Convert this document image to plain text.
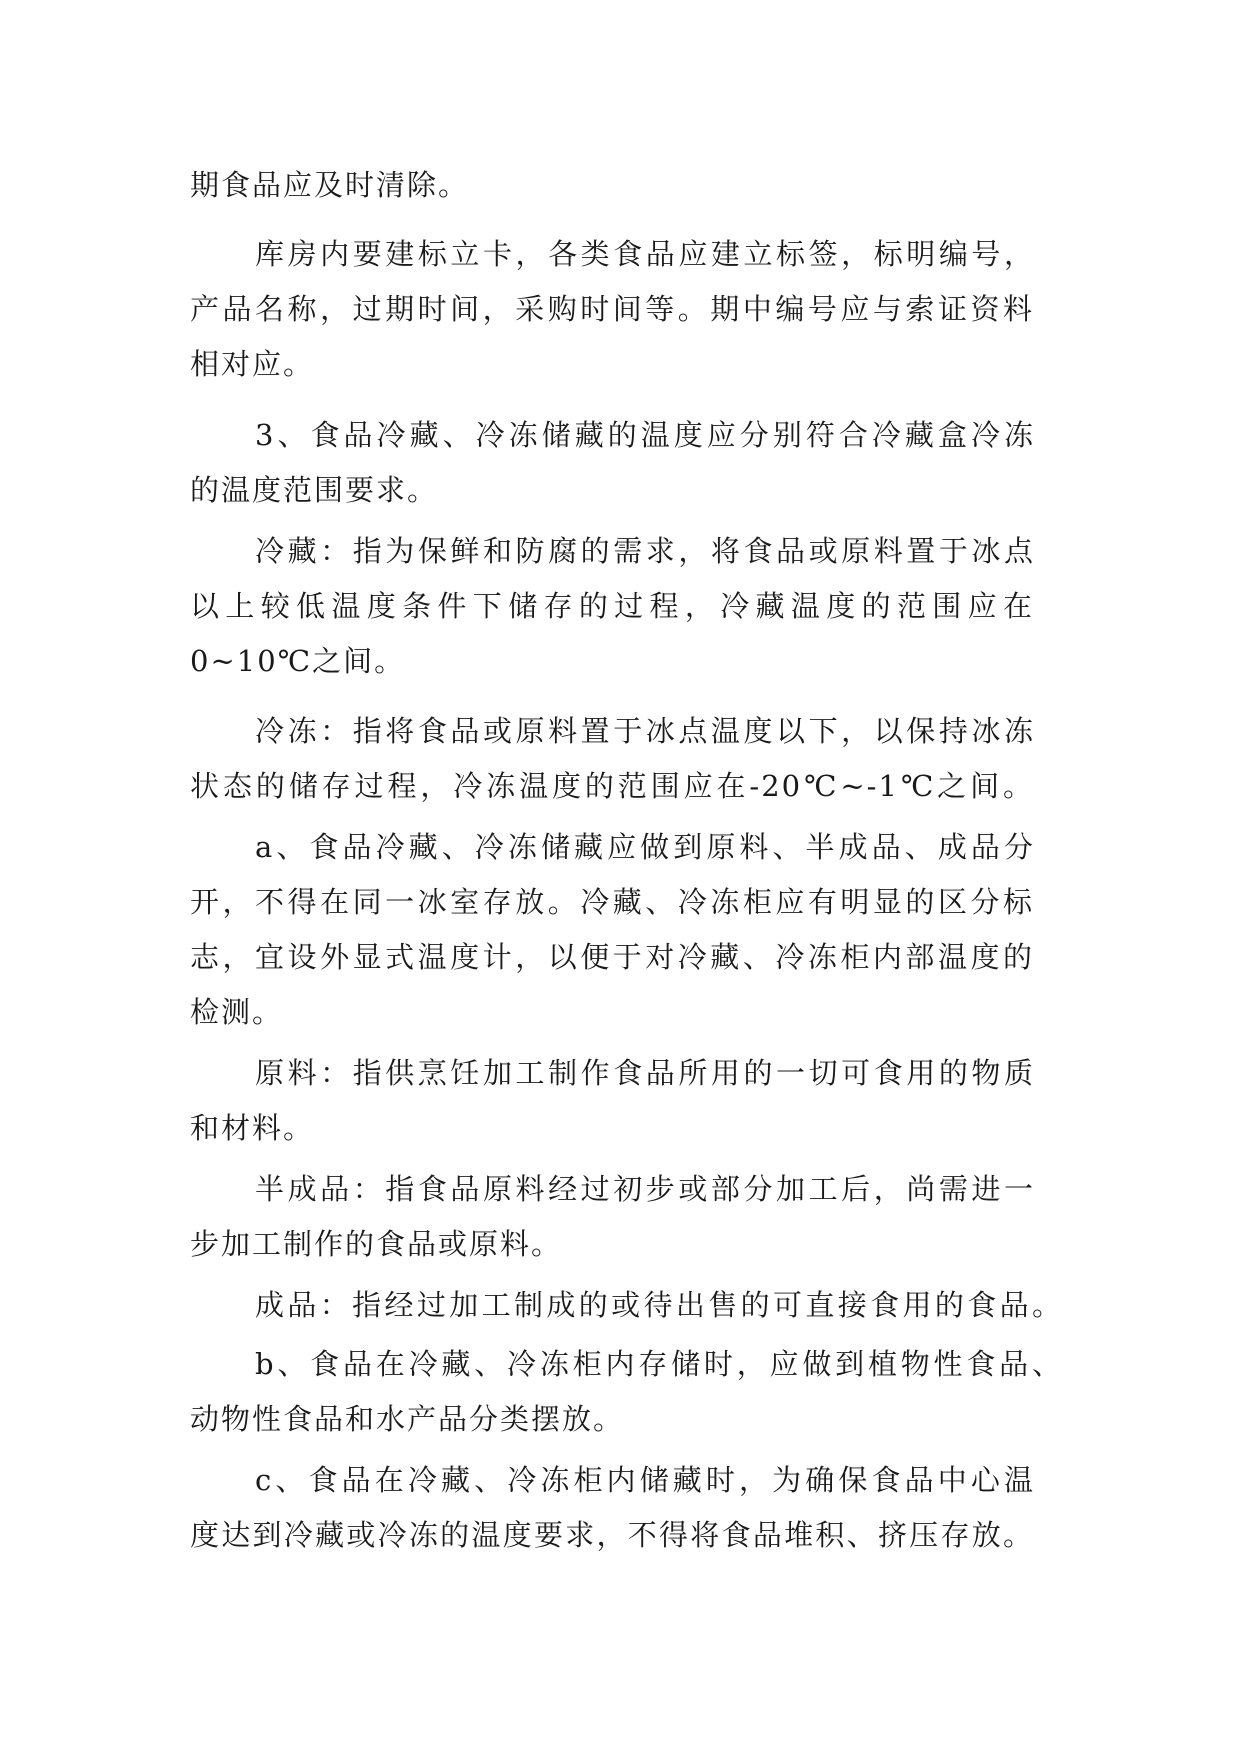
期食品应及时清除。
库房内要建标立卡，各类食品应建立标签，标明编号，
产品名称，过期时间，采购时间等。期中编号应与索证资料
相对应。
3、食品冷藏、冷冻储藏的温度应分别符合冷藏盒冷冻
的温度范围要求。
冷藏：指为保鲜和防腐的需求，将食品或原料置于冰点
以上较低温度条件下储存的过程，冷藏温度的范围应在
0~10℃之间。
冷冻：指将食品或原料置于冰点温度以下，以保持冰冻
状态的储存过程，冷冻温度的范围应在-20℃~-1℃之间。
a、食品冷藏、冷冻储藏应做到原料、半成品、成品分
开，不得在同一冰室存放。冷藏、冷冻柜应有明显的区分标
志，宜设外显式温度计，以便于对冷藏、冷冻柜内部温度的
检测。
原料：指供烹饪加工制作食品所用的一切可食用的物质
和材料。
半成品：指食品原料经过初步或部分加工后，尚需进一
步加工制作的食品或原料。
成品：指经过加工制成的或待出售的可直接食用的食品。
b、食品在冷藏、冷冻柜内存储时，应做到植物性食品、
动物性食品和水产品分类摆放。
c、食品在冷藏、冷冻柜内储藏时，为确保食品中心温
度达到冷藏或冷冻的温度要求，不得将食品堆积、挤压存放。
